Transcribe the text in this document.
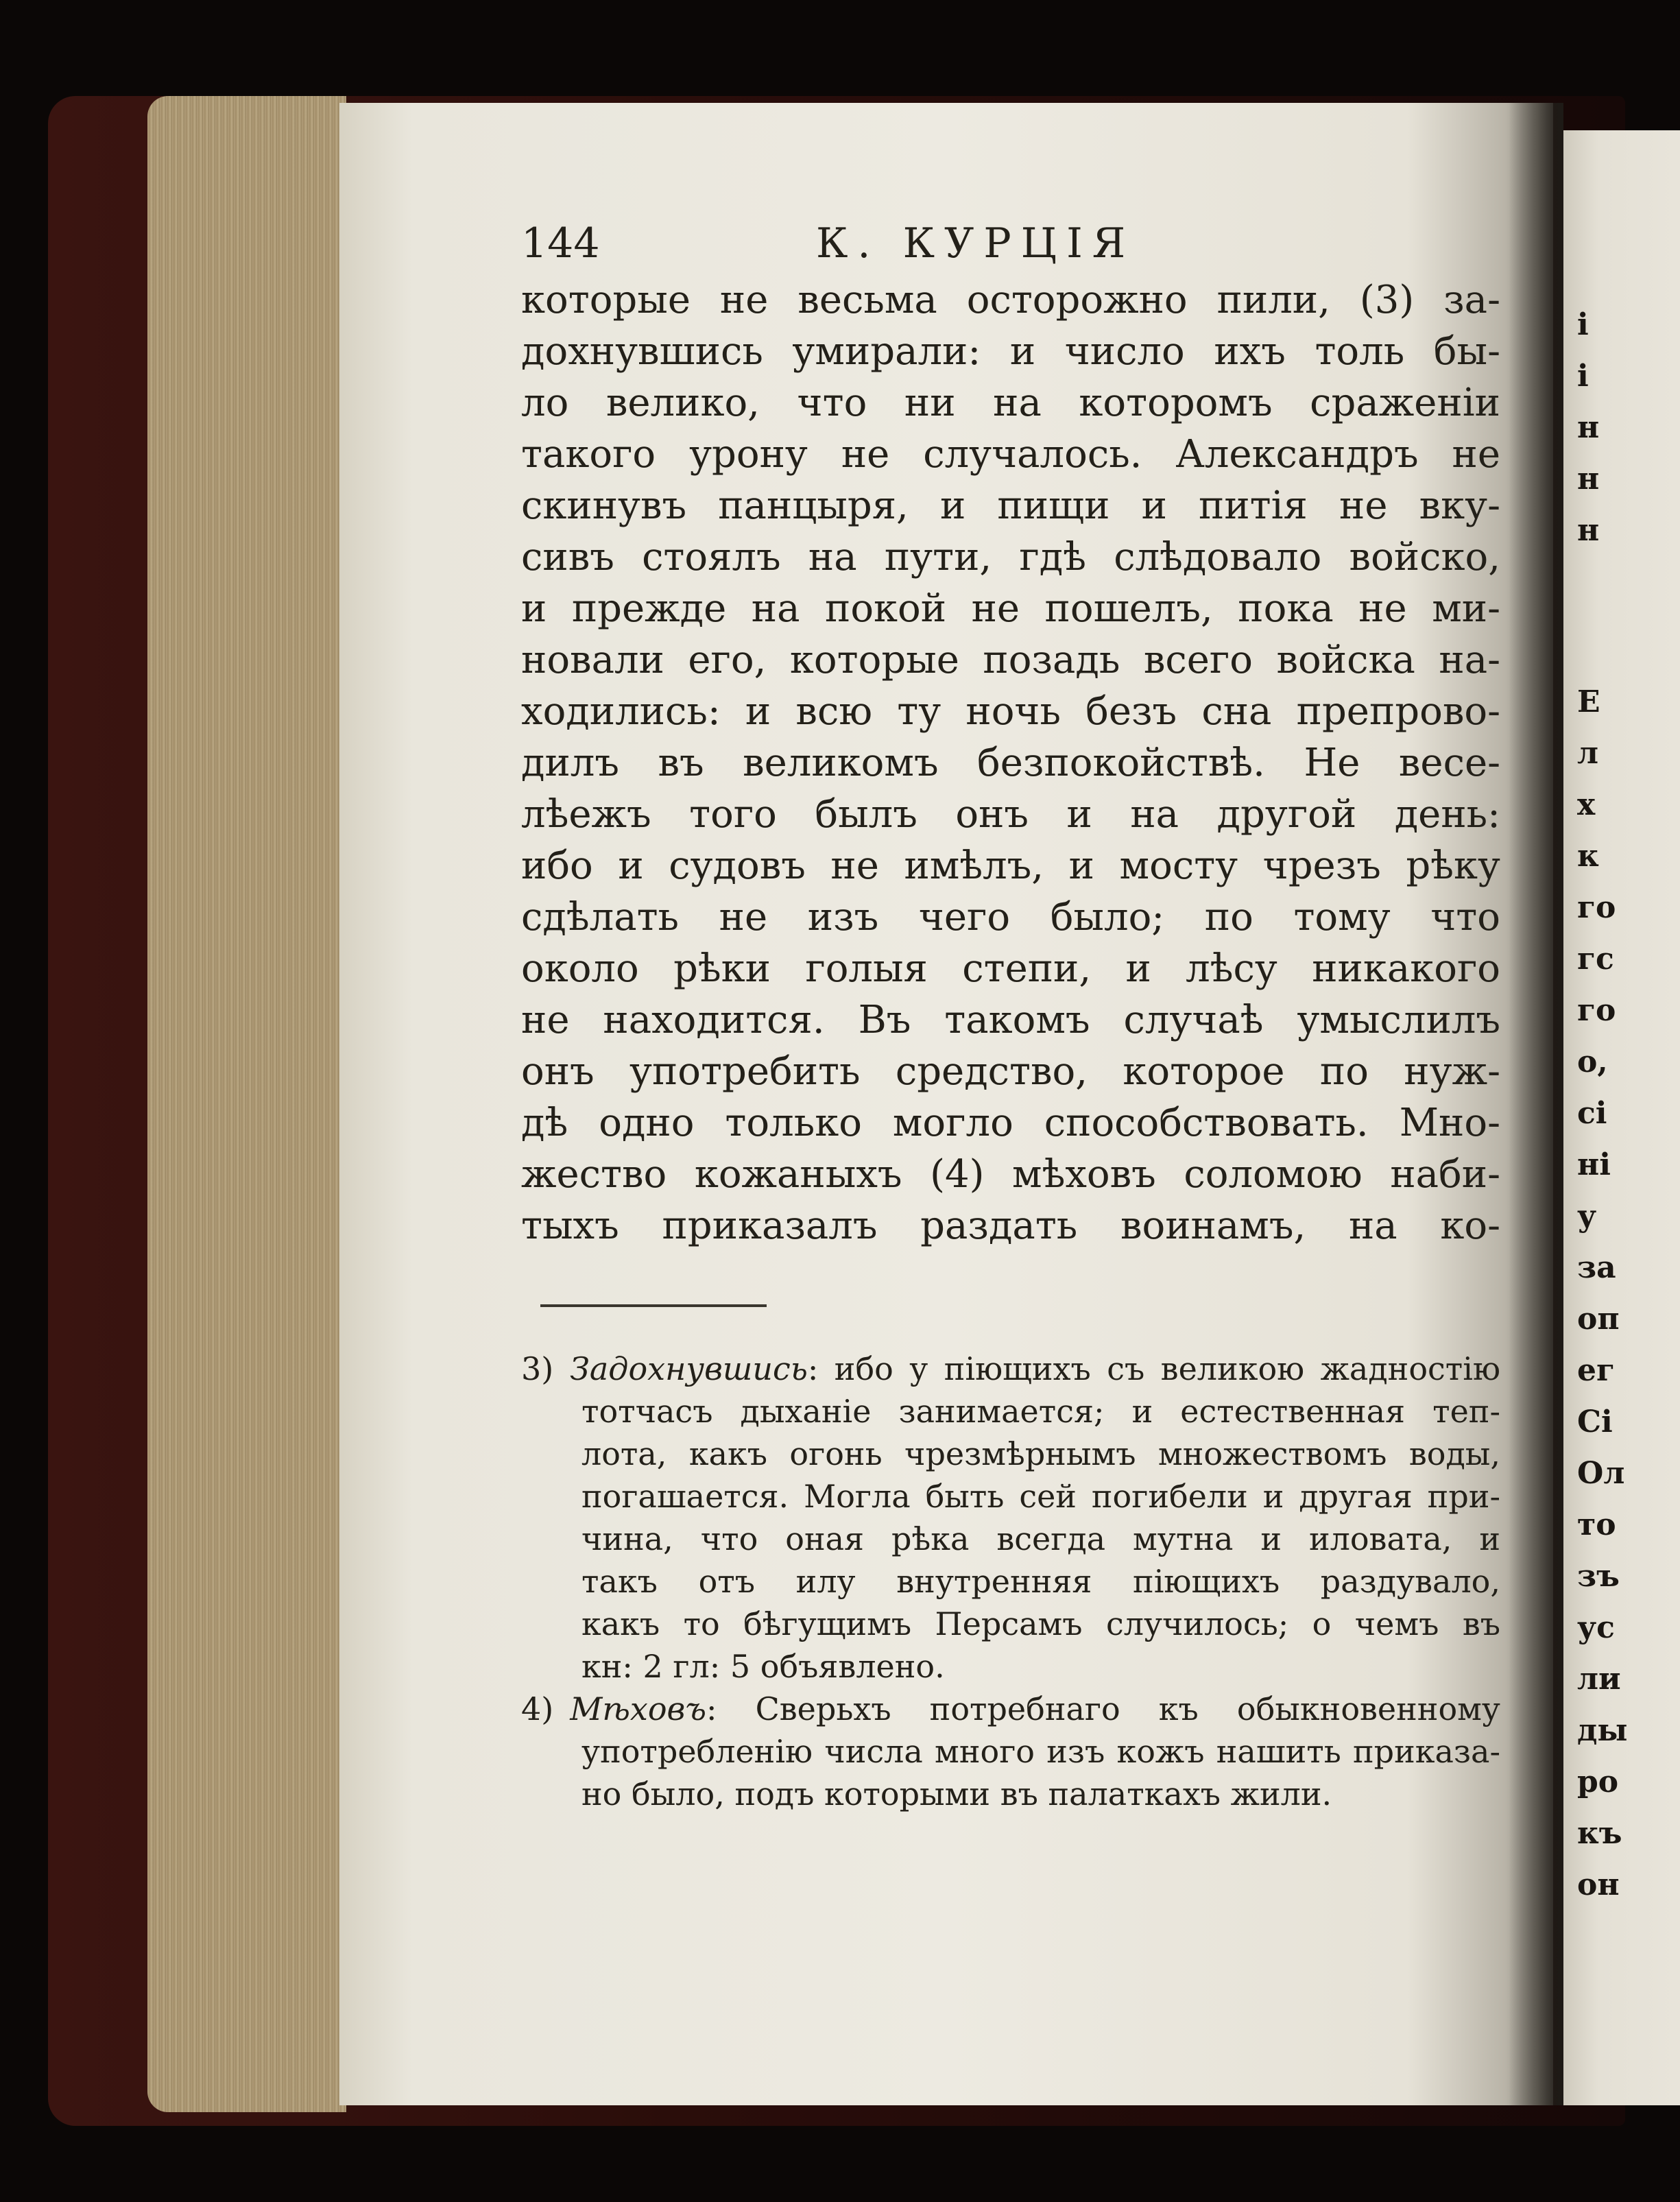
і
і
н
н
н
Е
л
х
к
го
гс
го
о,
сі
ні
у
за
оп
ег
Сі
Ол
то
зъ
ус
ли
ды
ро
къ
он
144	К. КУРЦІЯ
которые не весьма осторожно пили, (3) за-
дохнувшись умирали: и число ихъ толь бы-
ло велико, что ни на которомъ сраженіи
такого урону не случалось. Александръ не
скинувъ панцыря, и пищи и питія не вку-
сивъ стоялъ на пути, гдѣ слѣдовало войско,
и прежде на покой не пошелъ, пока не ми-
новали его, которые позадь всего войска на-
ходились: и всю ту ночь безъ сна препрово-
дилъ въ великомъ безпокойствѣ. Не весе-
лѣежъ того былъ онъ и на другой день:
ибо и судовъ не имѣлъ, и мосту чрезъ рѣку
сдѣлать не изъ чего было; по тому что
около рѣки голыя степи, и лѣсу никакого
не находится. Въ такомъ случаѣ умыслилъ
онъ употребить средство, которое по нуж-
дѣ одно только могло способствовать. Мно-
жество кожаныхъ (4) мѣховъ соломою наби-
тыхъ приказалъ раздать воинамъ, на ко-
3) Задохнувшись: ибо у піющихъ съ великою жадностію
тотчасъ дыханіе занимается; и естественная теп-
лота, какъ огонь чрезмѣрнымъ множествомъ воды,
погашается. Могла быть сей погибели и другая при-
чина, что оная рѣка всегда мутна и иловата, и
такъ отъ илу внутренняя піющихъ раздувало,
какъ то бѣгущимъ Персамъ случилось; о чемъ въ
кн: 2 гл: 5 объявлено.
4) Мѣховъ: Сверьхъ потребнаго къ обыкновенному
употребленію числа много изъ кожъ нашить приказа-
но было, подъ которыми въ палаткахъ жили.
